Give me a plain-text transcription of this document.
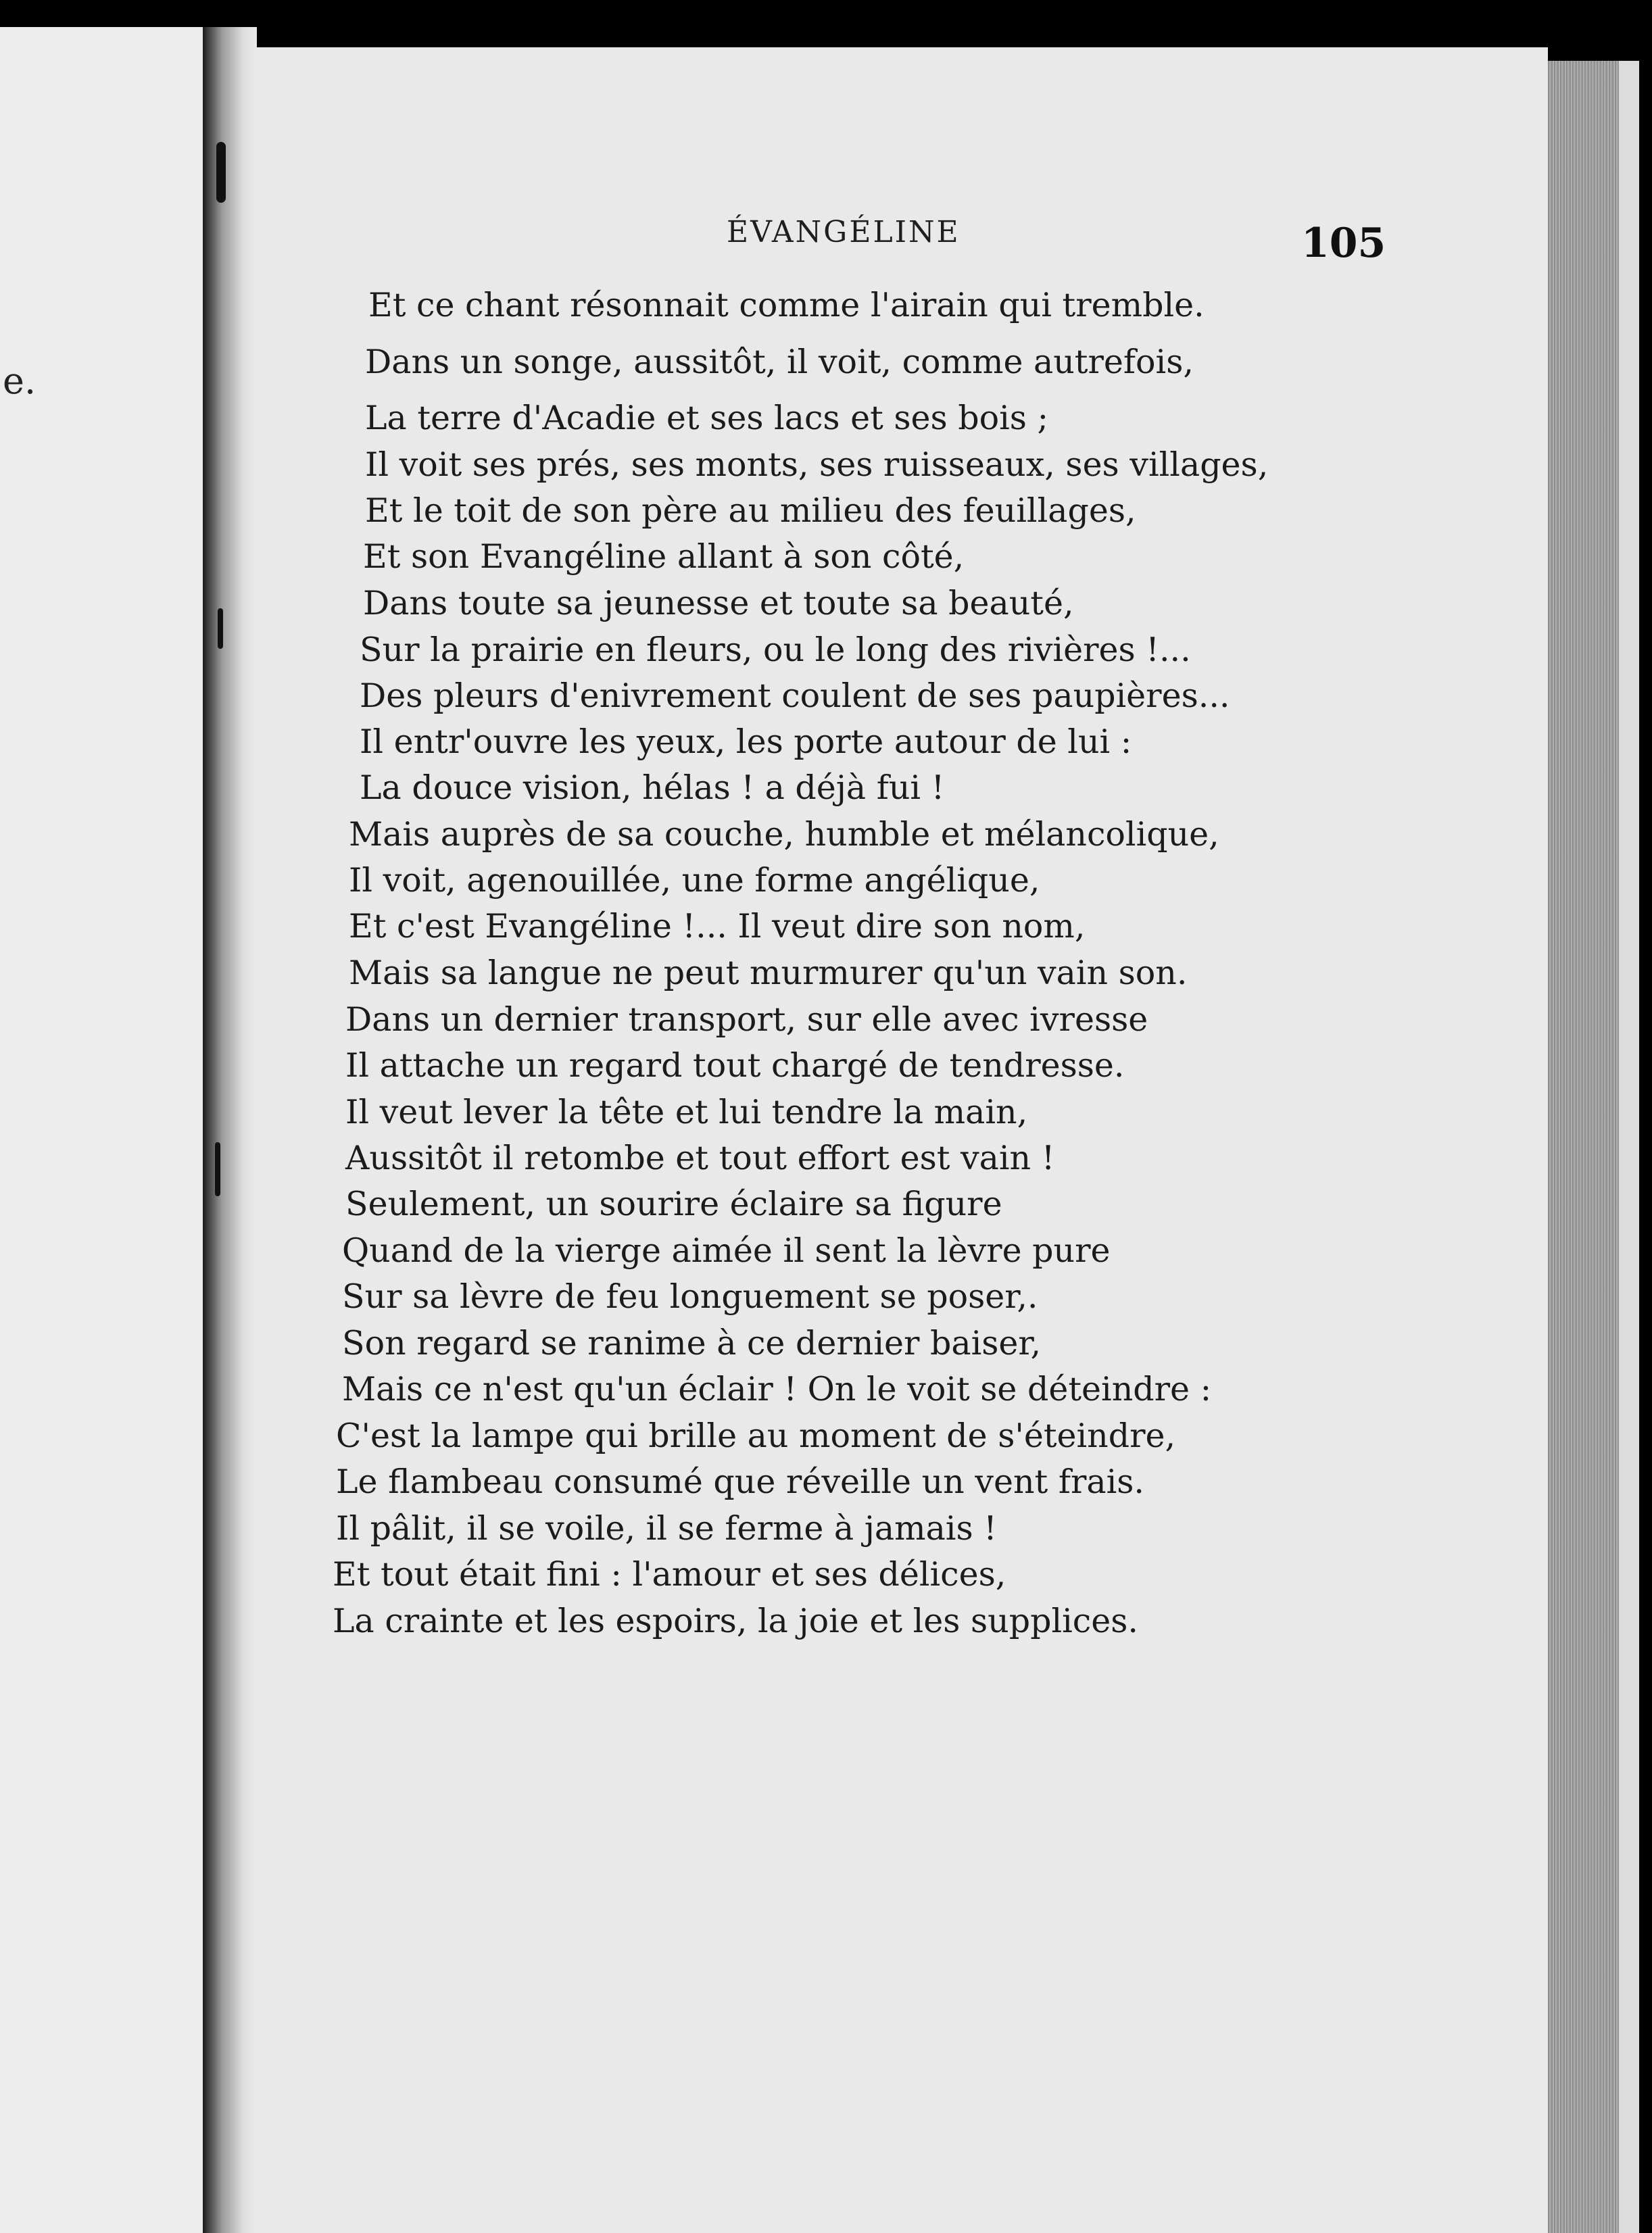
e.
ÉVANGÉLINE	105
Et ce chant résonnait comme l'airain qui tremble.
Dans un songe, aussitôt, il voit, comme autrefois,
La terre d'Acadie et ses lacs et ses bois ;
Il voit ses prés, ses monts, ses ruisseaux, ses villages,
Et le toit de son père au milieu des feuillages,
Et son Evangéline allant à son côté,
Dans toute sa jeunesse et toute sa beauté,
Sur la prairie en fleurs, ou le long des rivières !...
Des pleurs d'enivrement coulent de ses paupières...
Il entr'ouvre les yeux, les porte autour de lui :
La douce vision, hélas ! a déjà fui !
Mais auprès de sa couche, humble et mélancolique,
Il voit, agenouillée, une forme angélique,
Et c'est Evangéline !... Il veut dire son nom,
Mais sa langue ne peut murmurer qu'un vain son.
Dans un dernier transport, sur elle avec ivresse
Il attache un regard tout chargé de tendresse.
Il veut lever la tête et lui tendre la main,
Aussitôt il retombe et tout effort est vain !
Seulement, un sourire éclaire sa figure
Quand de la vierge aimée il sent la lèvre pure
Sur sa lèvre de feu longuement se poser,.
Son regard se ranime à ce dernier baiser,
Mais ce n'est qu'un éclair ! On le voit se déteindre :
C'est la lampe qui brille au moment de s'éteindre,
Le flambeau consumé que réveille un vent frais.
Il pâlit, il se voile, il se ferme à jamais !
Et tout était fini : l'amour et ses délices,
La crainte et les espoirs, la joie et les supplices.
